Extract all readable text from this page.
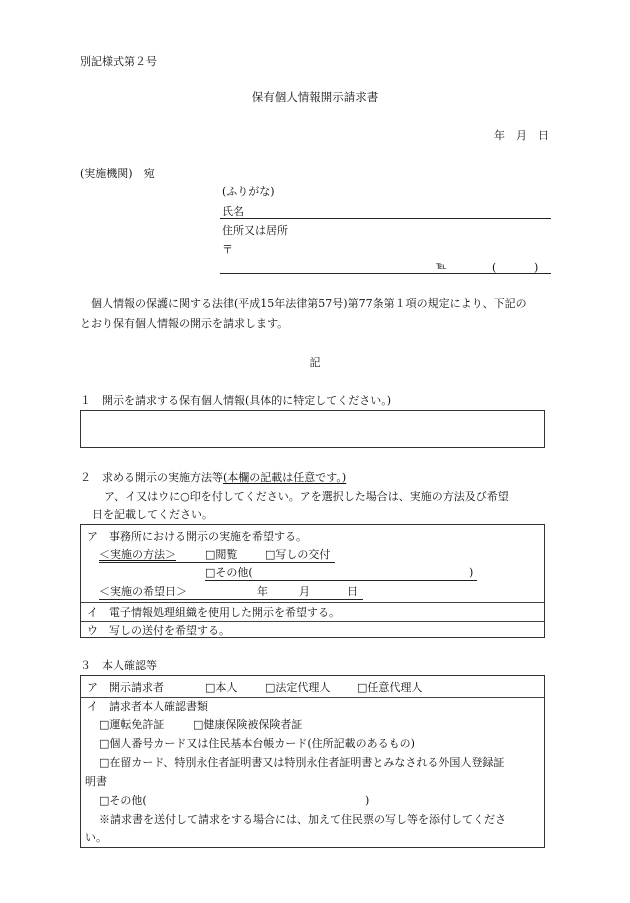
別記様式第２号
保有個人情報開示請求書
年　月　日
(実施機関)　宛
(ふりがな)
氏名
住所又は居所
〒
℡	(	)
　個人情報の保護に関する法律(平成15年法律第57号)第77条第１項の規定により、下記の
とおり保有個人情報の開示を請求します。
記
１　開示を請求する保有個人情報(具体的に特定してください。)
２　求める開示の実施方法等(本欄の記載は任意です。)
ア、イ又はウに○印を付してください。アを選択した場合は、実施の方法及び希望
日を記載してください。
ア　事務所における開示の実施を希望する。
＜実施の方法＞	□閲覧	□写しの交付
□その他(	)
＜実施の希望日＞	年	月	日
イ　電子情報処理組織を使用した開示を希望する。
ウ　写しの送付を希望する。
３　本人確認等
ア　開示請求者	□本人	□法定代理人 □任意代理人
イ　請求者本人確認書類
□運転免許証	□健康保険被保険者証
□個人番号カード又は住民基本台帳カード(住所記載のあるもの)
□在留カード、特別永住者証明書又は特別永住者証明書とみなされる外国人登録証
明書
□その他(	)
※請求書を送付して請求をする場合には、加えて住民票の写し等を添付してくださ
い。
